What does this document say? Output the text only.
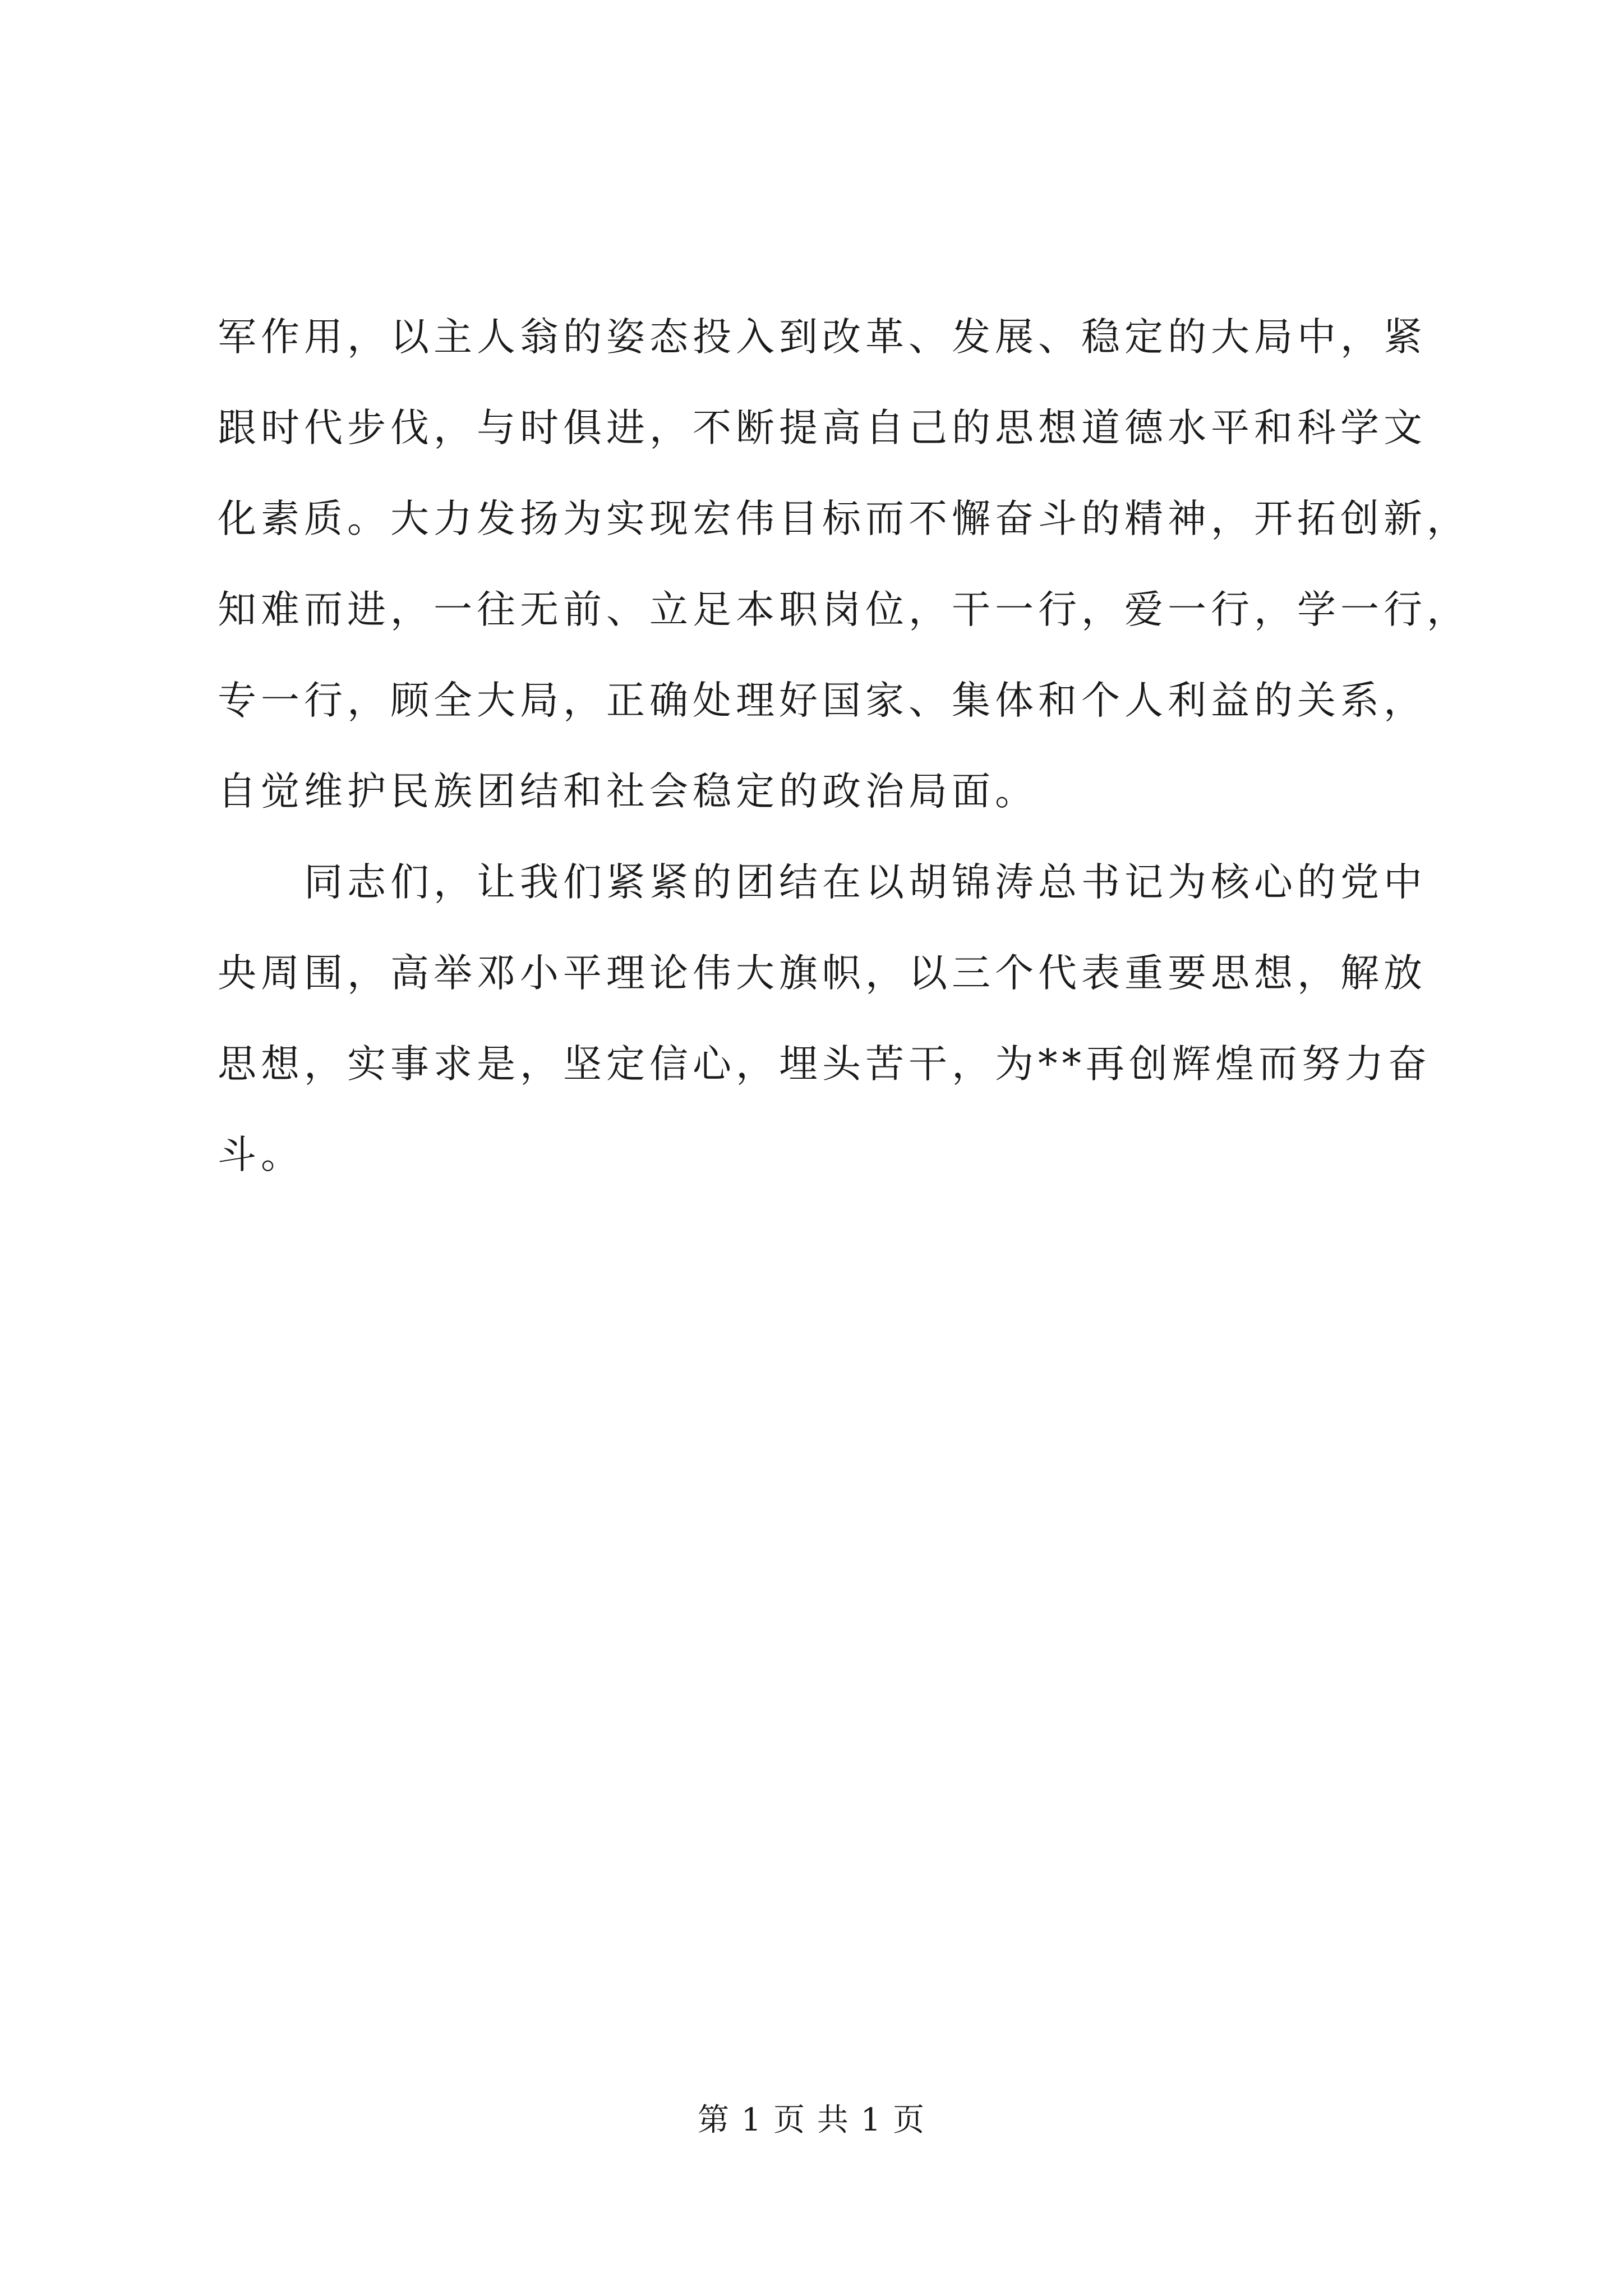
军作用，以主人翁的姿态投入到改革、发展、稳定的大局中，紧
跟时代步伐，与时俱进，不断提高自己的思想道德水平和科学文
化素质。大力发扬为实现宏伟目标而不懈奋斗的精神，开拓创新，
知难而进，一往无前、立足本职岗位，干一行，爱一行，学一行，
专一行，顾全大局，正确处理好国家、集体和个人利益的关系，
自觉维护民族团结和社会稳定的政治局面。
同志们，让我们紧紧的团结在以胡锦涛总书记为核心的党中
央周围，高举邓小平理论伟大旗帜，以三个代表重要思想，解放
思想，实事求是，坚定信心，埋头苦干，为**再创辉煌而努力奋
斗。
第 1 页 共 1 页
